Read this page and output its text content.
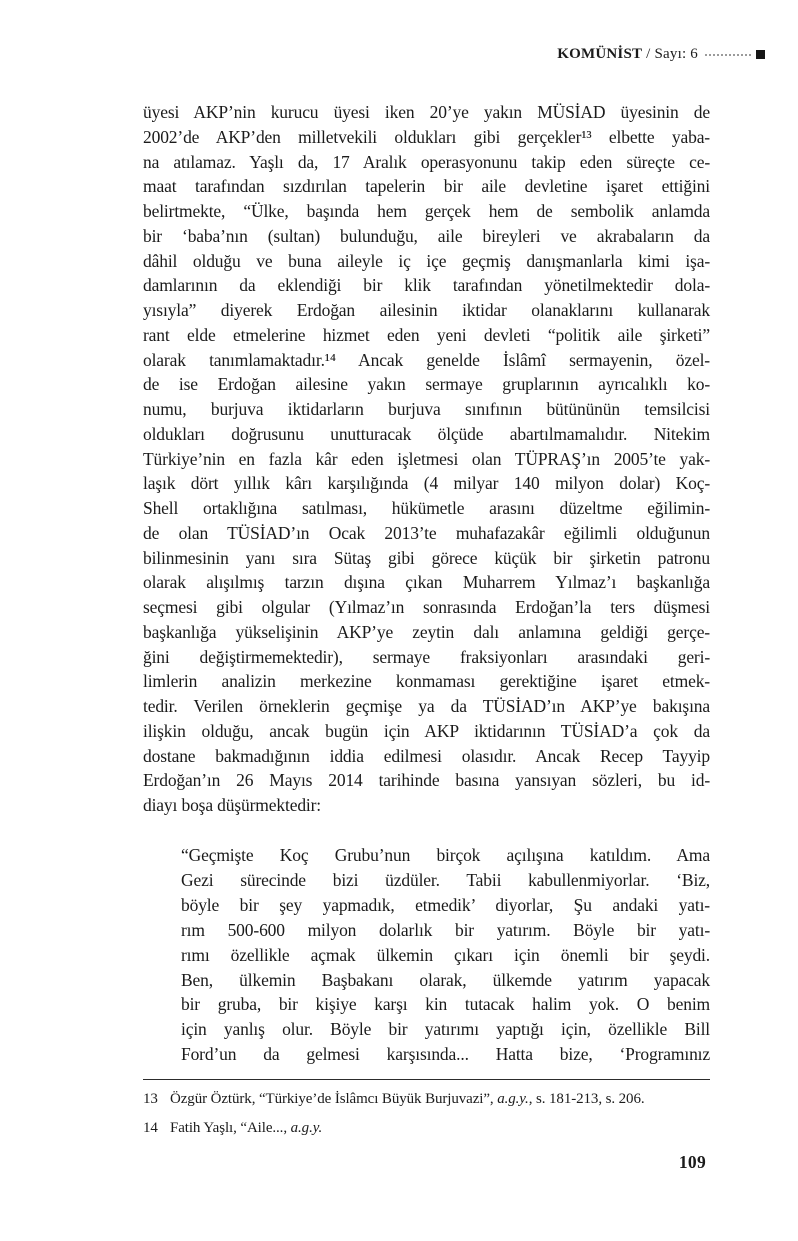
KOMÜNİST / Sayı: 6
üyesi AKP’nin kurucu üyesi iken 20’ye yakın MÜSİAD üyesinin de
2002’de AKP’den milletvekili oldukları gibi gerçekler¹³ elbette yaba-
na atılamaz. Yaşlı da, 17 Aralık operasyonunu takip eden süreçte ce-
maat tarafından sızdırılan tapelerin bir aile devletine işaret ettiğini
belirtmekte, “Ülke, başında hem gerçek hem de sembolik anlamda
bir ‘baba’nın (sultan) bulunduğu, aile bireyleri ve akrabaların da
dâhil olduğu ve buna aileyle iç içe geçmiş danışmanlarla kimi işa-
damlarının da eklendiği bir klik tarafından yönetilmektedir dola-
yısıyla” diyerek Erdoğan ailesinin iktidar olanaklarını kullanarak
rant elde etmelerine hizmet eden yeni devleti “politik aile şirketi”
olarak tanımlamaktadır.¹⁴ Ancak genelde İslâmî sermayenin, özel-
de ise Erdoğan ailesine yakın sermaye gruplarının ayrıcalıklı ko-
numu, burjuva iktidarların burjuva sınıfının bütününün temsilcisi
oldukları doğrusunu unutturacak ölçüde abartılmamalıdır. Nitekim
Türkiye’nin en fazla kâr eden işletmesi olan TÜPRAŞ’ın 2005’te yak-
laşık dört yıllık kârı karşılığında (4 milyar 140 milyon dolar) Koç-
Shell ortaklığına satılması, hükümetle arasını düzeltme eğilimin-
de olan TÜSİAD’ın Ocak 2013’te muhafazakâr eğilimli olduğunun
bilinmesinin yanı sıra Sütaş gibi görece küçük bir şirketin patronu
olarak alışılmış tarzın dışına çıkan Muharrem Yılmaz’ı başkanlığa
seçmesi gibi olgular (Yılmaz’ın sonrasında Erdoğan’la ters düşmesi
başkanlığa yükselişinin AKP’ye zeytin dalı anlamına geldiği gerçe-
ğini değiştirmemektedir), sermaye fraksiyonları arasındaki geri-
limlerin analizin merkezine konmaması gerektiğine işaret etmek-
tedir. Verilen örneklerin geçmişe ya da TÜSİAD’ın AKP’ye bakışına
ilişkin olduğu, ancak bugün için AKP iktidarının TÜSİAD’a çok da
dostane bakmadığının iddia edilmesi olasıdır. Ancak Recep Tayyip
Erdoğan’ın 26 Mayıs 2014 tarihinde basına yansıyan sözleri, bu id-
diayı boşa düşürmektedir:
“Geçmişte Koç Grubu’nun birçok açılışına katıldım. Ama
Gezi sürecinde bizi üzdüler. Tabii kabullenmiyorlar. ‘Biz,
böyle bir şey yapmadık, etmedik’ diyorlar, Şu andaki yatı-
rım 500-600 milyon dolarlık bir yatırım. Böyle bir yatı-
rımı özellikle açmak ülkemin çıkarı için önemli bir şeydi.
Ben, ülkemin Başbakanı olarak, ülkemde yatırım yapacak
bir gruba, bir kişiye karşı kin tutacak halim yok. O benim
için yanlış olur. Böyle bir yatırımı yaptığı için, özellikle Bill
Ford’un da gelmesi karşısında... Hatta bize, ‘Programınız
13 Özgür Öztürk, “Türkiye’de İslâmcı Büyük Burjuvazi”, a.g.y., s. 181-213, s. 206.
14 Fatih Yaşlı, “Aile..., a.g.y.
109
